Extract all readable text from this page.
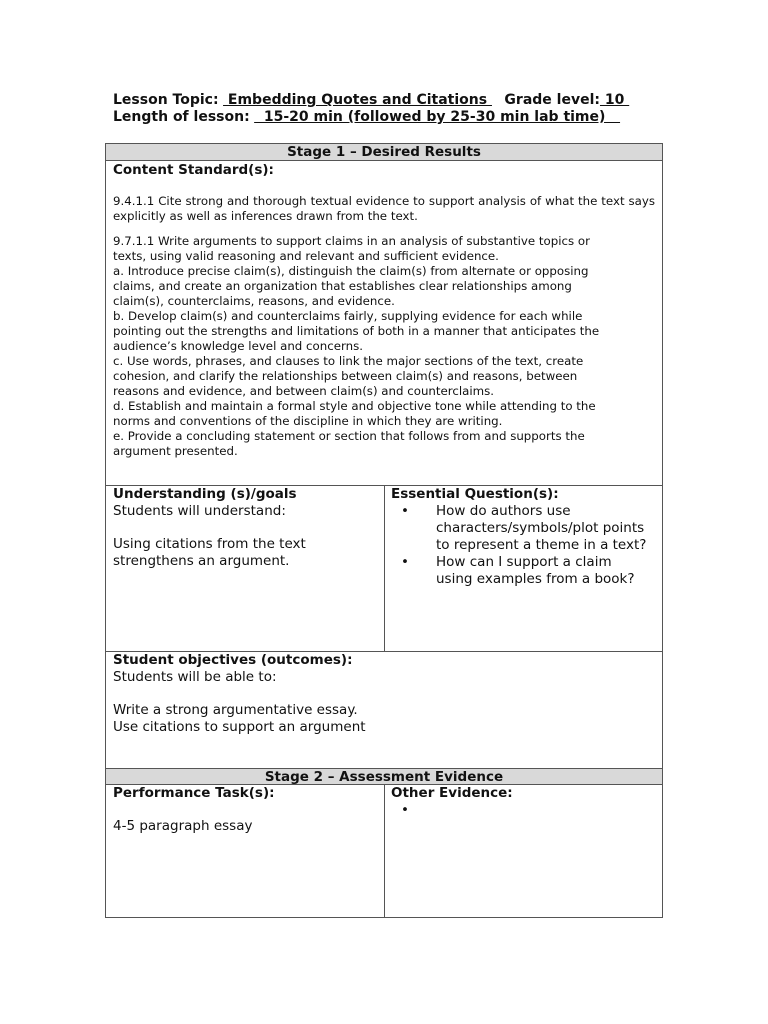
Lesson Topic:  Embedding Quotes and Citations  Grade level: 10
Length of lesson:   15-20 min (followed by 25-30 min lab time)
Stage 1 – Desired Results
Content Standard(s):

9.4.1.1 Cite strong and thorough textual evidence to support analysis of what the text says explicitly as well as inferences drawn from the text.

9.7.1.1 Write arguments to support claims in an analysis of substantive topics or
texts, using valid reasoning and relevant and sufficient evidence.
a. Introduce precise claim(s), distinguish the claim(s) from alternate or opposing
claims, and create an organization that establishes clear relationships among
claim(s), counterclaims, reasons, and evidence.
b. Develop claim(s) and counterclaims fairly, supplying evidence for each while
pointing out the strengths and limitations of both in a manner that anticipates the
audience’s knowledge level and concerns.
c. Use words, phrases, and clauses to link the major sections of the text, create
cohesion, and clarify the relationships between claim(s) and reasons, between
reasons and evidence, and between claim(s) and counterclaims.
d. Establish and maintain a formal style and objective tone while attending to the
norms and conventions of the discipline in which they are writing.
e. Provide a concluding statement or section that follows from and supports the
argument presented.
Understanding (s)/goals
Students will understand:
Using citations from the text
strengthens an argument.
Essential Question(s):
• How do authors use
characters/symbols/plot points
to represent a theme in a text?
• How can I support a claim
using examples from a book?
Student objectives (outcomes):
Students will be able to:
Write a strong argumentative essay.
Use citations to support an argument
Stage 2 – Assessment Evidence
Performance Task(s):
4-5 paragraph essay
Other Evidence:
•
